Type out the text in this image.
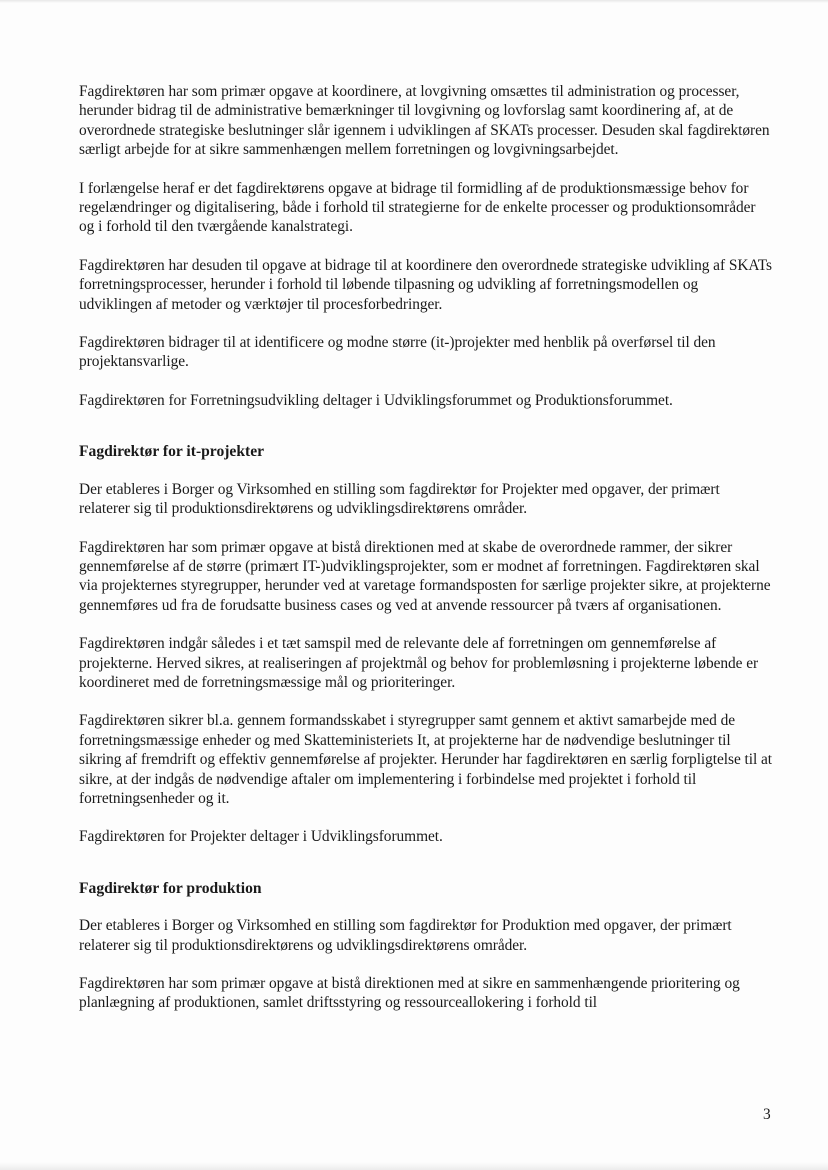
Fagdirektøren har som primær opgave at koordinere, at lovgivning omsættes til administration og processer, herunder bidrag til de administrative bemærkninger til lovgivning og lovforslag samt koordinering af, at de overordnede strategiske beslutninger slår igennem i udviklingen af SKATs processer. Desuden skal fagdirektøren særligt arbejde for at sikre sammenhængen mellem forretningen og lovgivningsarbejdet.

I forlængelse heraf er det fagdirektørens opgave at bidrage til formidling af de produktionsmæssige behov for regelændringer og digitalisering, både i forhold til strategierne for de enkelte processer og produktionsområder og i forhold til den tværgående kanalstrategi.

Fagdirektøren har desuden til opgave at bidrage til at koordinere den overordnede strategiske udvikling af SKATs forretningsprocesser, herunder i forhold til løbende tilpasning og udvikling af forretningsmodellen og udviklingen af metoder og værktøjer til procesforbedringer.

Fagdirektøren bidrager til at identificere og modne større (it-)projekter med henblik på overførsel til den projektansvarlige.

Fagdirektøren for Forretningsudvikling deltager i Udviklingsforummet og Produktionsforummet.

Fagdirektør for it-projekter

Der etableres i Borger og Virksomhed en stilling som fagdirektør for Projekter med opgaver, der primært relaterer sig til produktionsdirektørens og udviklingsdirektørens områder.

Fagdirektøren har som primær opgave at bistå direktionen med at skabe de overordnede rammer, der sikrer gennemførelse af de større (primært IT-)udviklingsprojekter, som er modnet af forretningen. Fagdirektøren skal via projekternes styregrupper, herunder ved at varetage formandsposten for særlige projekter sikre, at projekterne gennemføres ud fra de forudsatte business cases og ved at anvende ressourcer på tværs af organisationen.

Fagdirektøren indgår således i et tæt samspil med de relevante dele af forretningen om gennemførelse af projekterne. Herved sikres, at realiseringen af projektmål og behov for problemløsning i projekterne løbende er koordineret med de forretningsmæssige mål og prioriteringer.

Fagdirektøren sikrer bl.a. gennem formandsskabet i styregrupper samt gennem et aktivt samarbejde med de forretningsmæssige enheder og med Skatteministeriets It, at projekterne har de nødvendige beslutninger til sikring af fremdrift og effektiv gennemførelse af projekter. Herunder har fagdirektøren en særlig forpligtelse til at sikre, at der indgås de nødvendige aftaler om implementering i forbindelse med projektet i forhold til forretningsenheder og it.

Fagdirektøren for Projekter deltager i Udviklingsforummet.

Fagdirektør for produktion

Der etableres i Borger og Virksomhed en stilling som fagdirektør for Produktion med opgaver, der primært relaterer sig til produktionsdirektørens og udviklingsdirektørens områder.

Fagdirektøren har som primær opgave at bistå direktionen med at sikre en sammenhængende prioritering og planlægning af produktionen, samlet driftsstyring og ressourceallokering i forhold til

3
